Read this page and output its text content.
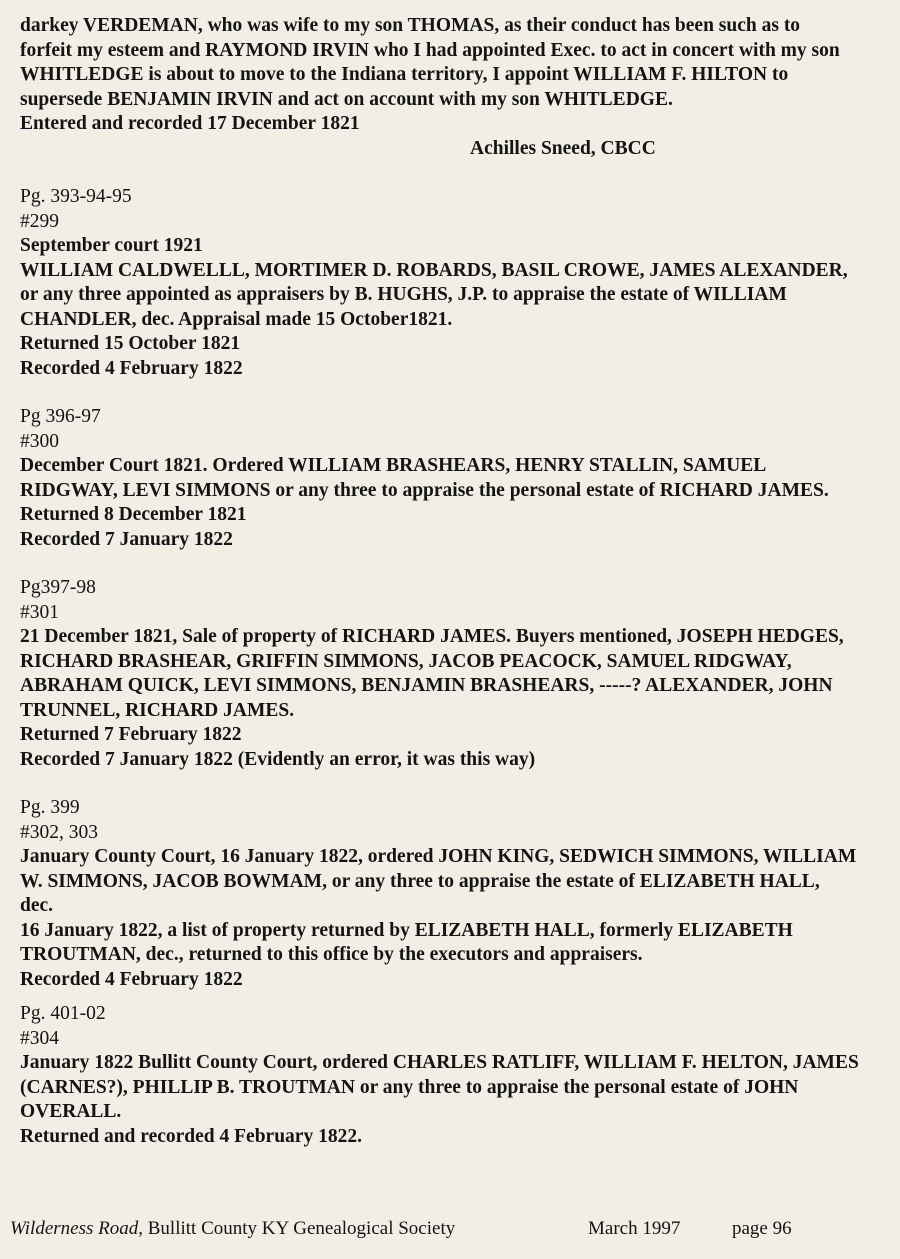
darkey VERDEMAN, who was wife to my son THOMAS, as their conduct has been such as to

forfeit my esteem and RAYMOND IRVIN who I had appointed Exec. to act in concert with my son

WHITLEDGE is about to move to the Indiana territory, I appoint WILLIAM F. HILTON to

supersede BENJAMIN IRVIN and act on account with my son WHITLEDGE.

Entered and recorded 17 December 1821

Achilles Sneed, CBCC

Pg. 393-94-95

#299

September court 1921

WILLIAM CALDWELLL, MORTIMER D. ROBARDS, BASIL CROWE, JAMES ALEXANDER,

or any three appointed as appraisers by B. HUGHS, J.P. to appraise the estate of WILLIAM

CHANDLER, dec. Appraisal made 15 October1821.

Returned 15 October 1821

Recorded 4 February 1822

Pg 396-97

#300

December Court 1821. Ordered WILLIAM BRASHEARS, HENRY STALLIN, SAMUEL

RIDGWAY, LEVI SIMMONS or any three to appraise the personal estate of RICHARD JAMES.

Returned 8 December 1821

Recorded 7 January 1822

Pg397-98

#301

21 December 1821, Sale of property of RICHARD JAMES. Buyers mentioned, JOSEPH HEDGES,

RICHARD BRASHEAR, GRIFFIN SIMMONS, JACOB PEACOCK, SAMUEL RIDGWAY,

ABRAHAM QUICK, LEVI SIMMONS, BENJAMIN BRASHEARS, -----? ALEXANDER, JOHN

TRUNNEL, RICHARD JAMES.

Returned 7 February 1822

Recorded 7 January 1822 (Evidently an error, it was this way)

Pg. 399

#302, 303

January County Court, 16 January 1822, ordered JOHN KING, SEDWICH SIMMONS, WILLIAM

W. SIMMONS, JACOB BOWMAM, or any three to appraise the estate of ELIZABETH HALL,

dec.

16 January 1822, a list of property returned by ELIZABETH HALL, formerly ELIZABETH

TROUTMAN, dec., returned to this office by the executors and appraisers.

Recorded 4 February 1822

Pg. 401-02

#304

January 1822 Bullitt County Court, ordered CHARLES RATLIFF, WILLIAM F. HELTON, JAMES

(CARNES?), PHILLIP B. TROUTMAN or any three to appraise the personal estate of JOHN

OVERALL.

Returned and recorded 4 February 1822.

Wilderness Road, Bullitt County KY Genealogical Society	March 1997	page 96
